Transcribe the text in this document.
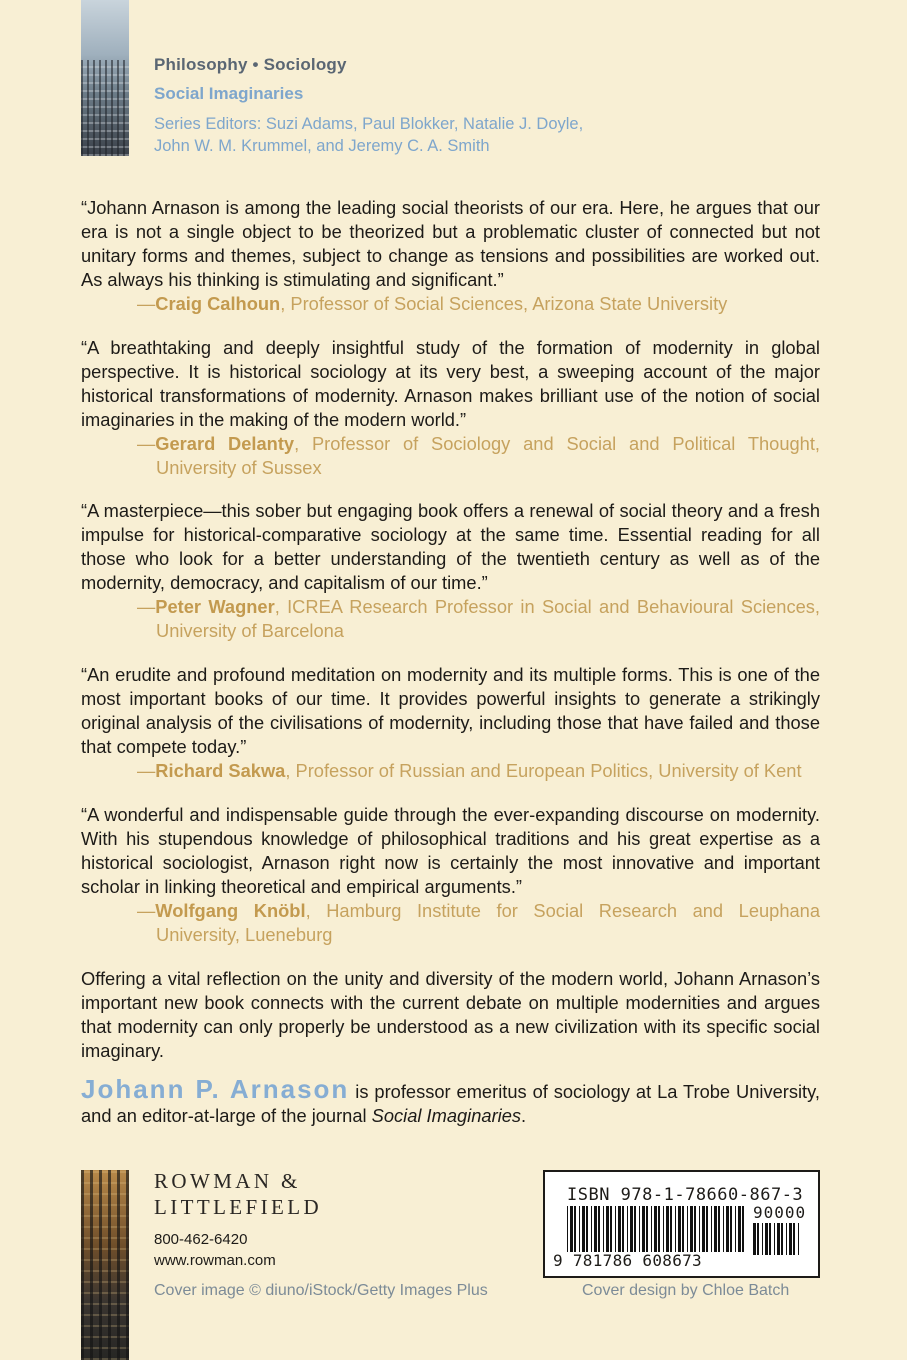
Philosophy • Sociology
Social Imaginaries
Series Editors: Suzi Adams, Paul Blokker, Natalie J. Doyle,
John W. M. Krummel, and Jeremy C. A. Smith

“Johann Arnason is among the leading social theorists of our era. Here, he argues that our era is not a single object to be theorized but a problematic cluster of connected but not unitary forms and themes, subject to change as tensions and possibilities are worked out. As always his thinking is stimulating and significant.”

—Craig Calhoun, Professor of Social Sciences, Arizona State University

“A breathtaking and deeply insightful study of the formation of modernity in global perspective. It is historical sociology at its very best, a sweeping account of the major historical transformations of modernity. Arnason makes brilliant use of the notion of social imaginaries in the making of the modern world.”

—Gerard Delanty, Professor of Sociology and Social and Political Thought, University of Sussex

“A masterpiece—this sober but engaging book offers a renewal of social theory and a fresh impulse for historical-comparative sociology at the same time. Essential reading for all those who look for a better understanding of the twentieth century as well as of the modernity, democracy, and capitalism of our time.”

—Peter Wagner, ICREA Research Professor in Social and Behavioural Sciences, University of Barcelona

“An erudite and profound meditation on modernity and its multiple forms. This is one of the most important books of our time. It provides powerful insights to generate a strikingly original analysis of the civilisations of modernity, including those that have failed and those that compete today.”

—Richard Sakwa, Professor of Russian and European Politics, University of Kent

“A wonderful and indispensable guide through the ever-expanding discourse on modernity. With his stupendous knowledge of philosophical traditions and his great expertise as a historical sociologist, Arnason right now is certainly the most innovative and important scholar in linking theoretical and empirical arguments.”

—Wolfgang Knöbl, Hamburg Institute for Social Research and Leuphana University, Lueneburg
Offering a vital reflection on the unity and diversity of the modern world, Johann Arnason’s important new book connects with the current debate on multiple modernities and argues that modernity can only properly be understood as a new civilization with its specific social imaginary.
Johann P. Arnason is professor emeritus of sociology at La Trobe University, and an editor-at-large of the journal Social Imaginaries.
ROWMAN &
LITTLEFIELD
800-462-6420
www.rowman.com
ISBN 978-1-78660-867-3
90000
9 781786 608673
Cover image © diuno/iStock/Getty Images Plus	Cover design by Chloe Batch
